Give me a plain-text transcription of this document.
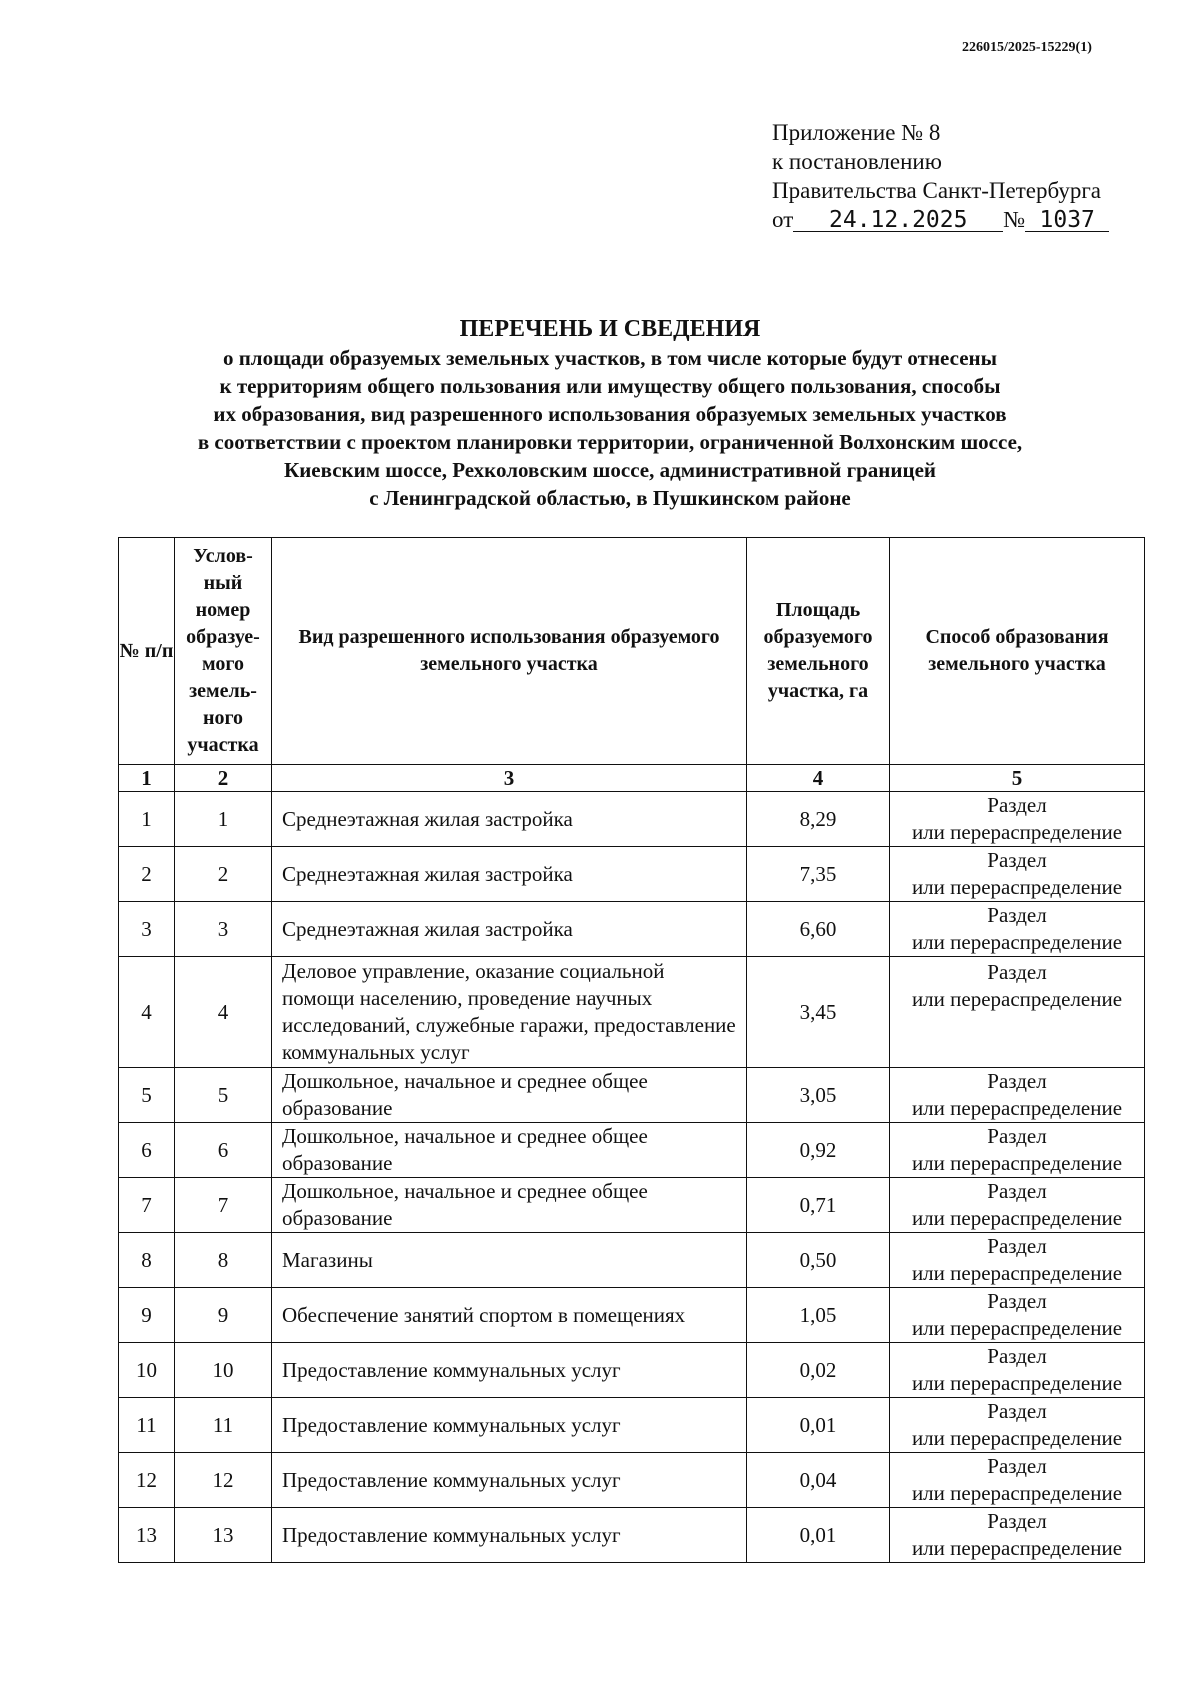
226015/2025-15229(1)
Приложение № 8
к постановлению
Правительства Санкт-Петербурга
от 24.12.2025 № 1037
ПЕРЕЧЕНЬ И СВЕДЕНИЯ
о площади образуемых земельных участков, в том числе которые будут отнесены
к территориям общего пользования или имуществу общего пользования, способы
их образования, вид разрешенного использования образуемых земельных участков
в соответствии с проектом планировки территории, ограниченной Волхонским шоссе,
Киевским шоссе, Рехколовским шоссе, административной границей
с Ленинградской областью, в Пушкинском районе
№ п/п	Услов-ный номер образуе-мого земель-ного участка	Вид разрешенного использования образуемого земельного участка	Площадь образуемого земельного участка, га	Способ образования земельного участка
1	2	3	4	5
1	1	Среднеэтажная жилая застройка	8,29	Раздел
или перераспределение

2	2	Среднеэтажная жилая застройка	7,35	Раздел
или перераспределение

3	3	Среднеэтажная жилая застройка	6,60	Раздел
или перераспределение

4	4	Деловое управление, оказание социальной помощи населению, проведение научных исследований, служебные гаражи, предоставление коммунальных услуг	3,45	Раздел
или перераспределение

5	5	Дошкольное, начальное и среднее общее образование	3,05	Раздел
или перераспределение

6	6	Дошкольное, начальное и среднее общее образование	0,92	Раздел
или перераспределение

7	7	Дошкольное, начальное и среднее общее образование	0,71	Раздел
или перераспределение

8	8	Магазины	0,50	Раздел
или перераспределение

9	9	Обеспечение занятий спортом в помещениях	1,05	Раздел
или перераспределение

10	10	Предоставление коммунальных услуг	0,02	Раздел
или перераспределение

11	11	Предоставление коммунальных услуг	0,01	Раздел
или перераспределение

12	12	Предоставление коммунальных услуг	0,04	Раздел
или перераспределение

13	13	Предоставление коммунальных услуг	0,01	Раздел
или перераспределение
